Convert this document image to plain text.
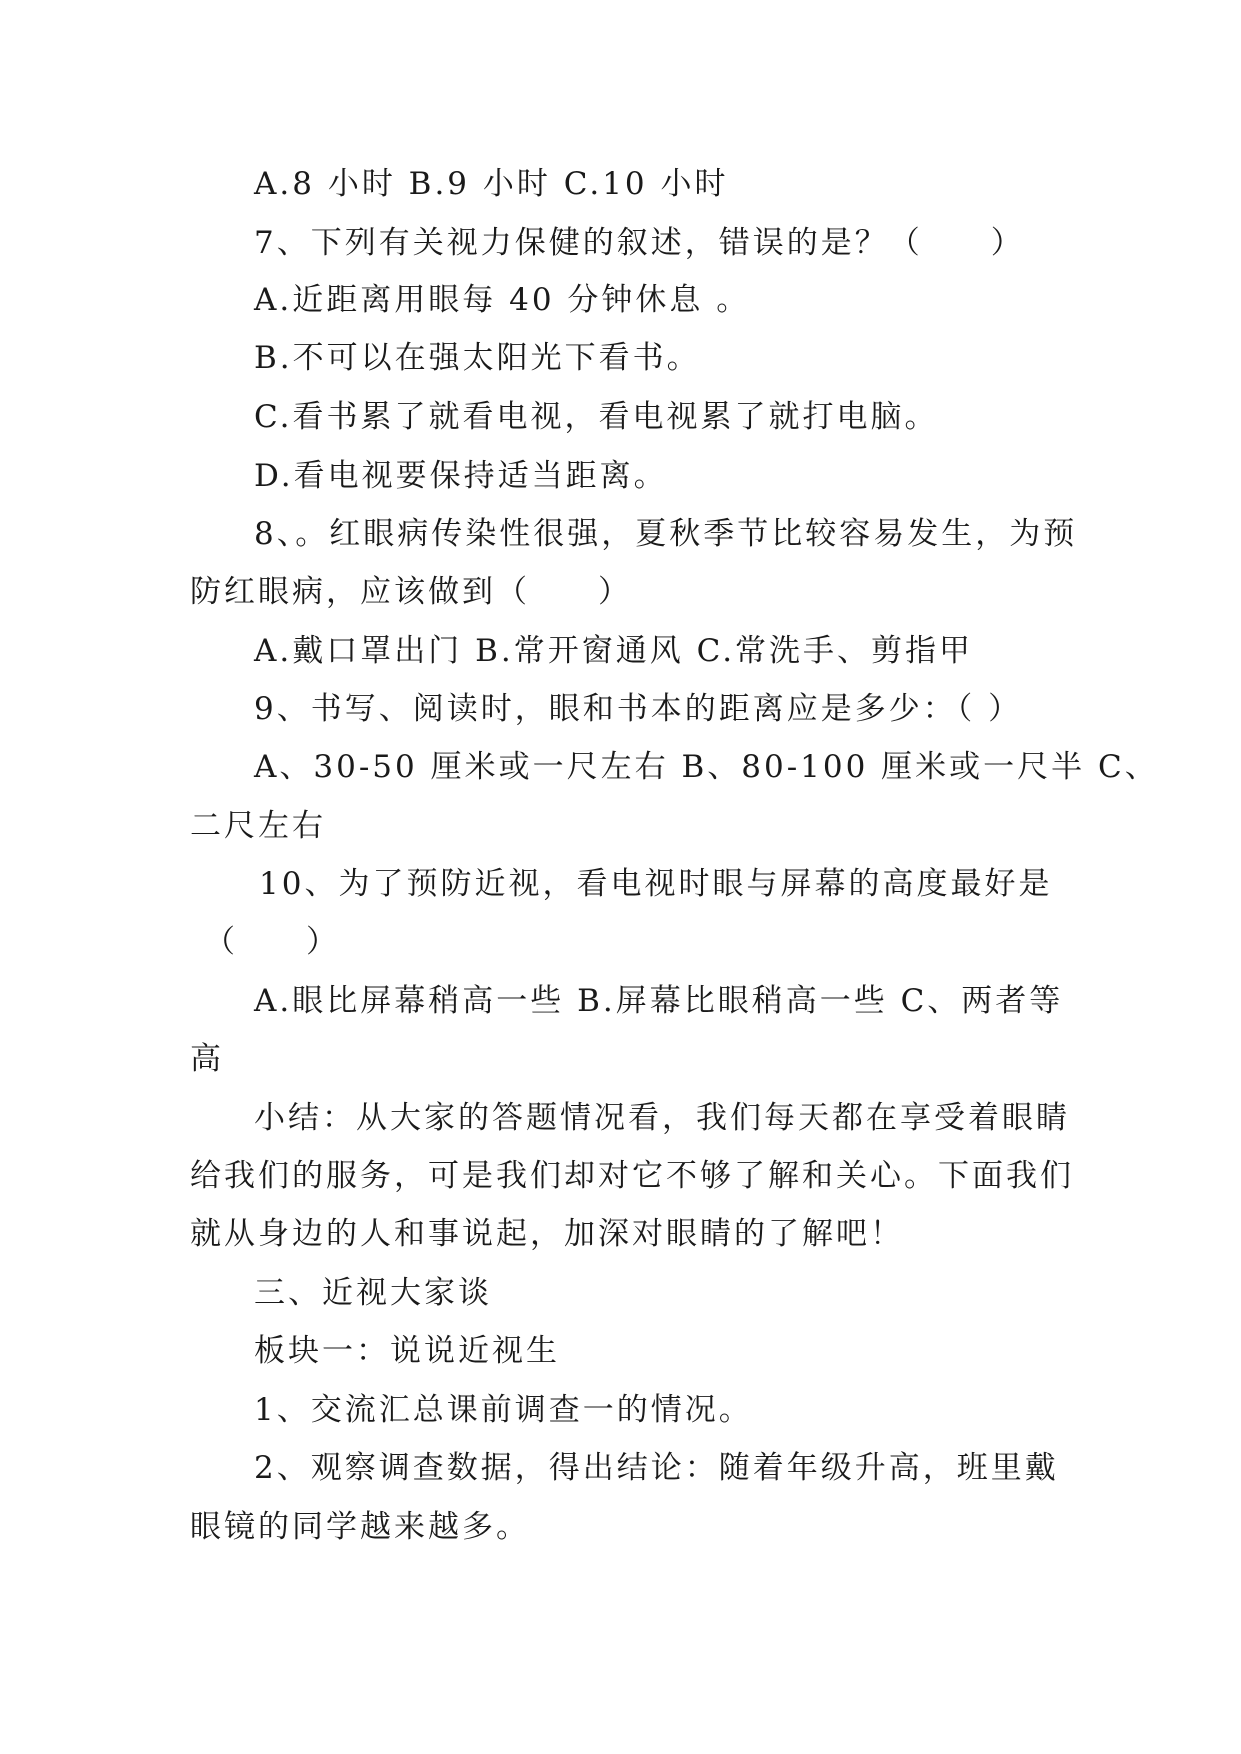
A.8 小时 B.9 小时 C.10 小时
7、下列有关视力保健的叙述，错误的是？（　　）
A.近距离用眼每 40 分钟休息 。
B.不可以在强太阳光下看书。
C.看书累了就看电视，看电视累了就打电脑。
D.看电视要保持适当距离。
8、。红眼病传染性很强，夏秋季节比较容易发生，为预
防红眼病，应该做到（　　）
A.戴口罩出门 B.常开窗通风 C.常洗手、剪指甲
9、书写、阅读时，眼和书本的距离应是多少：（ ）
A、30-50 厘米或一尺左右 B、80-100 厘米或一尺半 C、
二尺左右
10、为了预防近视，看电视时眼与屏幕的高度最好是
（　　）
A.眼比屏幕稍高一些 B.屏幕比眼稍高一些 C、两者等
高
小结：从大家的答题情况看，我们每天都在享受着眼睛
给我们的服务，可是我们却对它不够了解和关心。下面我们
就从身边的人和事说起，加深对眼睛的了解吧！
三、近视大家谈
板块一：说说近视生
1、交流汇总课前调查一的情况。
2、观察调查数据，得出结论：随着年级升高，班里戴
眼镜的同学越来越多。
